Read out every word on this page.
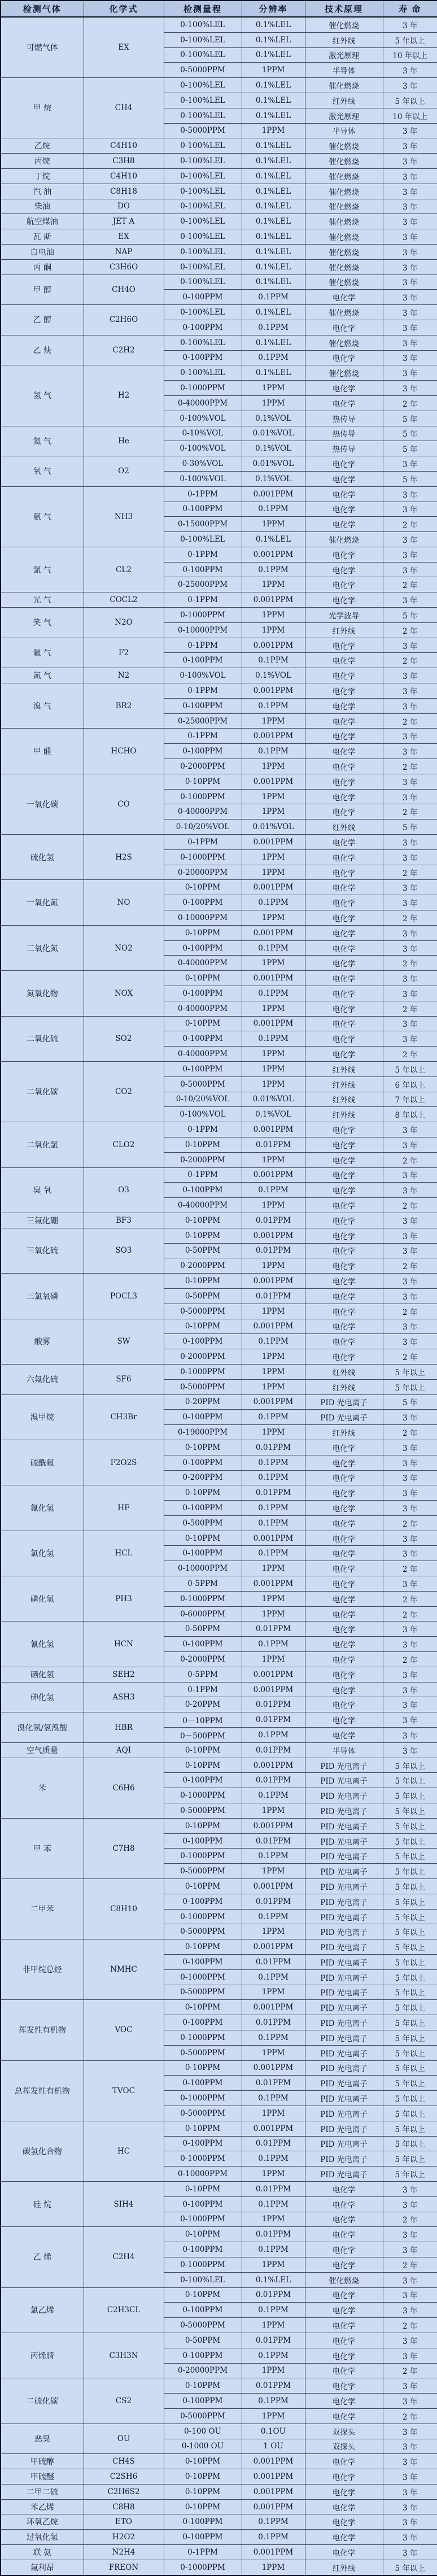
检测气体	化学式	检测量程	分辨率	技术原理	寿 命
可燃气体	EX	0-100%LEL	0.1%LEL	催化燃烧	3 年
		0-100%LEL	0.1%LEL	红外线	5 年以上
		0-100%LEL	0.1%LEL	激光原理	10 年以上
		0-5000PPM	1PPM	半导体	3 年
甲 烷	CH4	0-100%LEL	0.1%LEL	催化燃烧	3 年
		0-100%LEL	0.1%LEL	红外线	5 年以上
		0-100%LEL	0.1%LEL	激光原理	10 年以上
		0-5000PPM	1PPM	半导体	3 年
乙烷	C4H10	0-100%LEL	0.1%LEL	催化燃烧	3 年
丙烷	C3H8	0-100%LEL	0.1%LEL	催化燃烧	3 年
丁烷	C4H10	0-100%LEL	0.1%LEL	催化燃烧	3 年
汽 油	C8H18	0-100%LEL	0.1%LEL	催化燃烧	3 年
柴油	DO	0-100%LEL	0.1%LEL	催化燃烧	3 年
航空煤油	JET A	0-100%LEL	0.1%LEL	催化燃烧	3 年
瓦 斯	EX	0-100%LEL	0.1%LEL	催化燃烧	3 年
白电油	NAP	0-100%LEL	0.1%LEL	催化燃烧	3 年
丙 酮	C3H6O	0-100%LEL	0.1%LEL	催化燃烧	3 年
甲 醇	CH4O	0-100%LEL	0.1%LEL	催化燃烧	3 年
		0-100PPM	0.1PPM	电化学	3 年
乙 醇	C2H6O	0-100%LEL	0.1%LEL	催化燃烧	3 年
		0-100PPM	0.1PPM	电化学	3 年
乙 炔	C2H2	0-100%LEL	0.1%LEL	催化燃烧	3 年
		0-100PPM	0.1PPM	电化学	3 年
氢 气	H2	0-100%LEL	0.1%LEL	催化燃烧	3 年
		0-1000PPM	1PPM	电化学	3 年
		0-40000PPM	1PPM	电化学	2 年
		0-100%VOL	0.1%VOL	热传导	5 年
氦 气	He	0-10%VOL	0.01%VOL	热传导	5 年
		0-100%VOL	0.1%VOL	热传导	5 年
氧 气	O2	0-30%VOL	0.01%VOL	电化学	3 年
		0-100%VOL	0.1%VOL	电化学	5 年
氨 气	NH3	0-1PPM	0.001PPM	电化学	3 年
		0-100PPM	0.1PPM	电化学	3 年
		0-15000PPM	1PPM	电化学	2 年
		0-100%LEL	0.1%LEL	催化燃烧	3 年
氯 气	CL2	0-1PPM	0.001PPM	电化学	3 年
		0-100PPM	0.1PPM	电化学	3 年
		0-25000PPM	1PPM	电化学	2 年
光 气	COCL2	0-1PPM	0.001PPM	电化学	3 年
笑 气	N2O	0-1000PPM	1PPM	光学波导	5 年
		0-10000PPM	1PPM	红外线	2 年
氟 气	F2	0-1PPM	0.001PPM	电化学	3 年
		0-100PPM	0.1PPM	电化学	2 年
氮 气	N2	0-100%VOL	0.1%VOL	电化学	3 年
溴 气	BR2	0-1PPM	0.001PPM	电化学	3 年
		0-100PPM	0.1PPM	电化学	3 年
		0-25000PPM	1PPM	电化学	2 年
甲 醛	HCHO	0-1PPM	0.001PPM	电化学	3 年
		0-100PPM	0.1PPM	电化学	3 年
		0-2000PPM	1PPM	电化学	2 年
一氧化碳	CO	0-10PPM	0.001PPM	电化学	3 年
		0-1000PPM	1PPM	电化学	3 年
		0-40000PPM	1PPM	电化学	2 年
		0-10/20%VOL	0.01%VOL	红外线	5 年
硫化氢	H2S	0-1PPM	0.001PPM	电化学	3 年
		0-1000PPM	1PPM	电化学	3 年
		0-20000PPM	1PPM	电化学	2 年
一氧化氮	NO	0-10PPM	0.001PPM	电化学	3 年
		0-100PPM	0.1PPM	电化学	3 年
		0-10000PPM	1PPM	电化学	2 年
二氧化氮	NO2	0-10PPM	0.001PPM	电化学	3 年
		0-100PPM	0.1PPM	电化学	3 年
		0-40000PPM	1PPM	电化学	2 年
氮氧化物	NOX	0-10PPM	0.001PPM	电化学	3 年
		0-100PPM	0.1PPM	电化学	3 年
		0-40000PPM	1PPM	电化学	2 年
二氧化硫	SO2	0-10PPM	0.001PPM	电化学	3 年
		0-100PPM	0.1PPM	电化学	3 年
		0-40000PPM	1PPM	电化学	2 年
二氧化碳	CO2	0-100PPM	1PPM	红外线	5 年以上
		0-5000PPM	1PPM	红外线	6 年以上
		0-10/20%VOL	0.01%VOL	红外线	7 年以上
		0-100%VOL	0.1%VOL	红外线	8 年以上
二氧化氯	CLO2	0-1PPM	0.001PPM	电化学	3 年
		0-10PPM	0.01PPM	电化学	3 年
		0-2000PPM	1PPM	电化学	2 年
臭 氧	O3	0-1PPM	0.001PPM	电化学	3 年
		0-100PPM	0.1PPM	电化学	3 年
		0-40000PPM	1PPM	电化学	2 年
三氟化硼	BF3	0-10PPM	0.01PPM	电化学	3 年
三氧化硫	SO3	0-10PPM	0.001PPM	电化学	3 年
		0-50PPM	0.01PPM	电化学	3 年
		0-2000PPM	1PPM	电化学	2 年
三氯氧磷	POCL3	0-10PPM	0.001PPM	电化学	3 年
		0-50PPM	0.01PPM	电化学	3 年
		0-5000PPM	1PPM	电化学	2 年
酸雾	SW	0-10PPM	0.001PPM	电化学	3 年
		0-100PPM	0.1PPM	电化学	3 年
		0-2000PPM	1PPM	电化学	2 年
六氟化硫	SF6	0-1000PPM	1PPM	红外线	5 年以上
		0-5000PPM	1PPM	红外线	5 年以上
溴甲烷	CH3Br	0-20PPM	0.001PPM	PID 光电离子	5 年
		0-100PPM	0.1PPM	PID 光电离子	3 年
		0-19000PPM	1PPM	红外线	2 年
硫酰氟	F2O2S	0-10PPM	0.01PPM	电化学	3 年
		0-100PPM	0.1PPM	电化学	3 年
		0-200PPM	0.1PPM	电化学	3 年
氟化氢	HF	0-10PPM	0.01PPM	电化学	3 年
		0-100PPM	0.1PPM	电化学	3 年
		0-500PPM	0.1PPM	电化学	2 年
氯化氢	HCL	0-10PPM	0.001PPM	电化学	3 年
		0-100PPM	0.1PPM	电化学	3 年
		0-10000PPM	1PPM	电化学	2 年
磷化氢	PH3	0-5PPM	0.001PPM	电化学	3 年
		0-1000PPM	1PPM	电化学	2 年
		0-6000PPM	1PPM	电化学	2 年
氰化氢	HCN	0-50PPM	0.01PPM	电化学	3 年
		0-100PPM	0.1PPM	电化学	3 年
		0-2000PPM	1PPM	电化学	2 年
硒化氢	SEH2	0-5PPM	0.001PPM	电化学	3 年
砷化氢	ASH3	0-1PPM	0.001PPM	电化学	3 年
		0-20PPM	0.01PPM	电化学	3 年
溴化氢/氢溴酸	HBR	0－10PPM	0.01PPM	电化学	3 年
		0－500PPM	0.1PPM	电化学	3 年
空气质量	AQI	0-10PPM	0.01PPM	半导体	3 年
苯	C6H6	0-10PPM	0.001PPM	PID 光电离子	5 年以上
		0-100PPM	0.01PPM	PID 光电离子	5 年以上
		0-1000PPM	0.1PPM	PID 光电离子	5 年以上
		0-5000PPM	1PPM	PID 光电离子	5 年以上
甲 苯	C7H8	0-10PPM	0.001PPM	PID 光电离子	5 年以上
		0-100PPM	0.01PPM	PID 光电离子	5 年以上
		0-1000PPM	0.1PPM	PID 光电离子	5 年以上
		0-5000PPM	1PPM	PID 光电离子	5 年以上
二甲苯	C8H10	0-10PPM	0.001PPM	PID 光电离子	5 年以上
		0-100PPM	0.01PPM	PID 光电离子	5 年以上
		0-1000PPM	0.1PPM	PID 光电离子	5 年以上
		0-5000PPM	1PPM	PID 光电离子	5 年以上
非甲烷总烃	NMHC	0-10PPM	0.001PPM	PID 光电离子	5 年以上
		0-100PPM	0.01PPM	PID 光电离子	5 年以上
		0-1000PPM	0.1PPM	PID 光电离子	5 年以上
		0-5000PPM	1PPM	PID 光电离子	5 年以上
挥发性有机物	VOC	0-10PPM	0.001PPM	PID 光电离子	5 年以上
		0-100PPM	0.01PPM	PID 光电离子	5 年以上
		0-1000PPM	0.1PPM	PID 光电离子	5 年以上
		0-5000PPM	1PPM	PID 光电离子	5 年以上
总挥发性有机物	TVOC	0-10PPM	0.001PPM	PID 光电离子	5 年以上
		0-100PPM	0.01PPM	PID 光电离子	5 年以上
		0-1000PPM	0.1PPM	PID 光电离子	5 年以上
		0-5000PPM	1PPM	PID 光电离子	5 年以上
碳氢化合物	HC	0-10PPM	0.001PPM	PID 光电离子	5 年以上
		0-100PPM	0.01PPM	PID 光电离子	5 年以上
		0-1000PPM	0.1PPM	PID 光电离子	5 年以上
		0-10000PPM	1PPM	PID 光电离子	5 年以上
硅 烷	SIH4	0-10PPM	0.01PPM	电化学	3 年
		0-100PPM	0.1PPM	电化学	3 年
		0-1000PPM	1PPM	电化学	2 年
乙 烯	C2H4	0-10PPM	0.01PPM	电化学	3 年
		0-100PPM	0.1PPM	电化学	3 年
		0-1000PPM	1PPM	电化学	2 年
		0-100%LEL	0.1%LEL	催化燃烧	3 年
氯乙烯	C2H3CL	0-10PPM	0.01PPM	电化学	3 年
		0-100PPM	0.1PPM	电化学	3 年
		0-5000PPM	1PPM	电化学	2 年
丙烯腈	C3H3N	0-50PPM	0.01PPM	电化学	3 年
		0-100PPM	0.1PPM	电化学	3 年
		0-20000PPM	1PPM	电化学	2 年
二硫化碳	CS2	0-10PPM	0.01PPM	电化学	3 年
		0-100PPM	0.1PPM	电化学	3 年
		0-5000PPM	1PPM	电化学	2 年
恶臭	OU	0-100 OU	0.1OU	双探头	3 年
		0-1000 OU	1 OU	双探头	3 年
甲硫醇	CH4S	0-10PPM	0.001PPM	电化学	3 年
甲硫醚	C2SH6	0-10PPM	0.001PPM	电化学	3 年
二甲二硫	C2H6S2	0-10PPM	0.001PPM	电化学	3 年
苯乙烯	C8H8	0-10PPM	0.001PPM	电化学	3 年
环氧乙烷	ETO	0-100PPM	0.1PPM	电化学	3 年
过氧化氢	H2O2	0-100PPM	0.1PPM	电化学	3 年
联 氨	N2H4	0-1PPM	0.001PPM	电化学	3 年
氟利昂	FREON	0-1000PPM	1PPM	红外线	5 年以上
